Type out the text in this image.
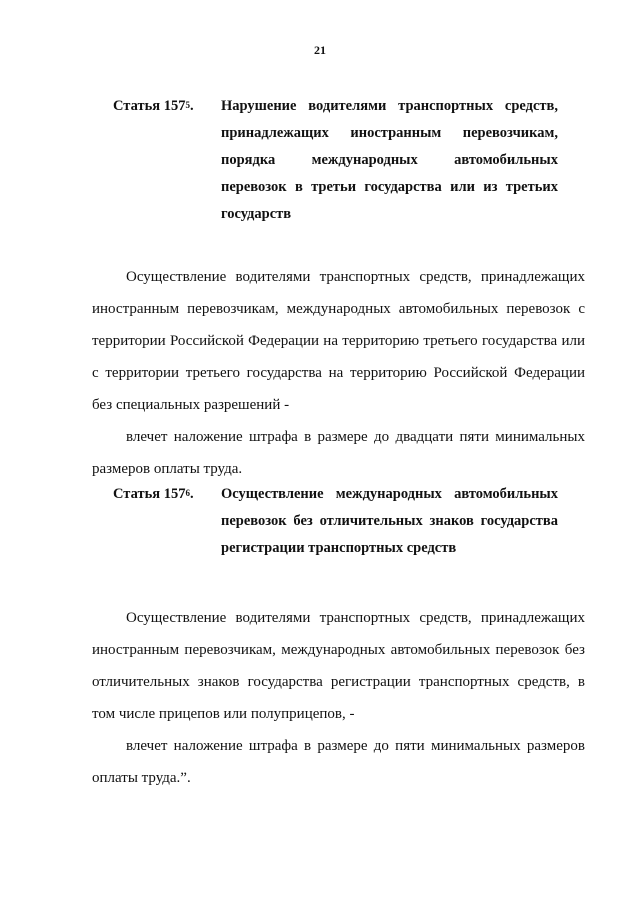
21
Статья $157^5$. Нарушение водителями транспортных средств, принадлежащих иностранным перевозчикам, порядка международных автомобильных перевозок в третьи государства или из третьих государств
Осуществление водителями транспортных средств, принадлежащих иностранным перевозчикам, международных автомобильных перевозок с территории Российской Федерации на территорию третьего государства или с территории третьего государства на территорию Российской Федерации без специальных разрешений -
влечет наложение штрафа в размере до двадцати пяти минимальных размеров оплаты труда.
Статья $157^6$. Осуществление международных автомобильных перевозок без отличительных знаков государства регистрации транспортных средств
Осуществление водителями транспортных средств, принадлежащих иностранным перевозчикам, международных автомобильных перевозок без отличительных знаков государства регистрации транспортных средств, в том числе прицепов или полуприцепов, -
влечет наложение штрафа в размере до пяти минимальных размеров оплаты труда.”.
